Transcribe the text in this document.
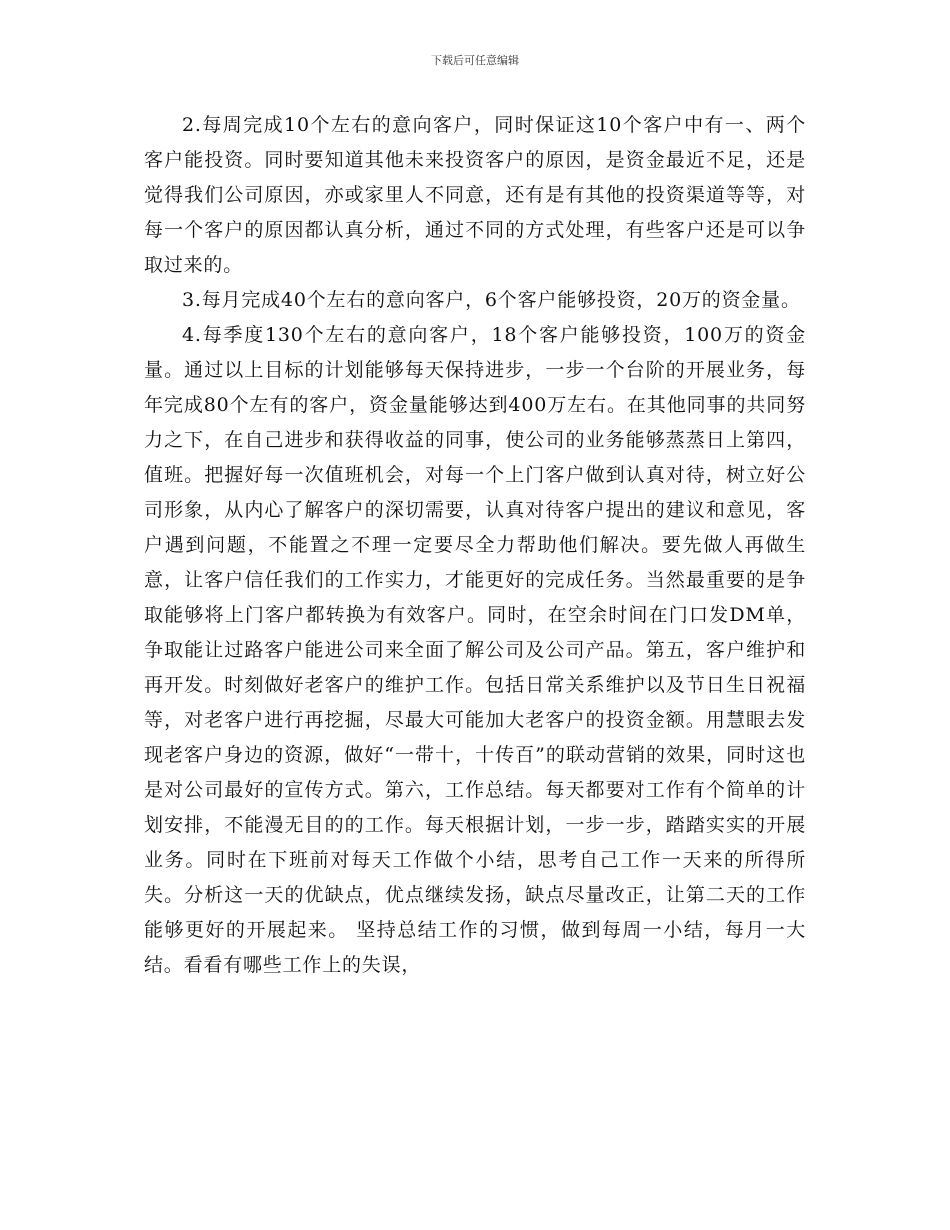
下载后可任意编辑

2.每周完成10个左右的意向客户，同时保证这10个客户中有一、两个客户能投资。同时要知道其他未来投资客户的原因，是资金最近不足，还是觉得我们公司原因，亦或家里人不同意，还有是有其他的投资渠道等等，对每一个客户的原因都认真分析，通过不同的方式处理，有些客户还是可以争取过来的。

3.每月完成40个左右的意向客户，6个客户能够投资，20万的资金量。

4.每季度130个左右的意向客户，18个客户能够投资，100万的资金量。通过以上目标的计划能够每天保持进步，一步一个台阶的开展业务，每年完成80个左有的客户，资金量能够达到400万左右。在其他同事的共同努力之下，在自己进步和获得收益的同事，使公司的业务能够蒸蒸日上第四，值班。把握好每一次值班机会，对每一个上门客户做到认真对待，树立好公司形象，从内心了解客户的深切需要，认真对待客户提出的建议和意见，客户遇到问题，不能置之不理一定要尽全力帮助他们解决。要先做人再做生意，让客户信任我们的工作实力，才能更好的完成任务。当然最重要的是争取能够将上门客户都转换为有效客户。同时，在空余时间在门口发DM单，争取能让过路客户能进公司来全面了解公司及公司产品。第五，客户维护和再开发。时刻做好老客户的维护工作。包括日常关系维护以及节日生日祝福等，对老客户进行再挖掘，尽最大可能加大老客户的投资金额。用慧眼去发现老客户身边的资源，做好“一带十，十传百”的联动营销的效果，同时这也是对公司最好的宣传方式。第六，工作总结。每天都要对工作有个简单的计划安排，不能漫无目的的工作。每天根据计划，一步一步，踏踏实实的开展业务。同时在下班前对每天工作做个小结，思考自己工作一天来的所得所失。分析这一天的优缺点，优点继续发扬，缺点尽量改正，让第二天的工作能够更好的开展起来。 坚持总结工作的习惯，做到每周一小结，每月一大结。看看有哪些工作上的失误，
